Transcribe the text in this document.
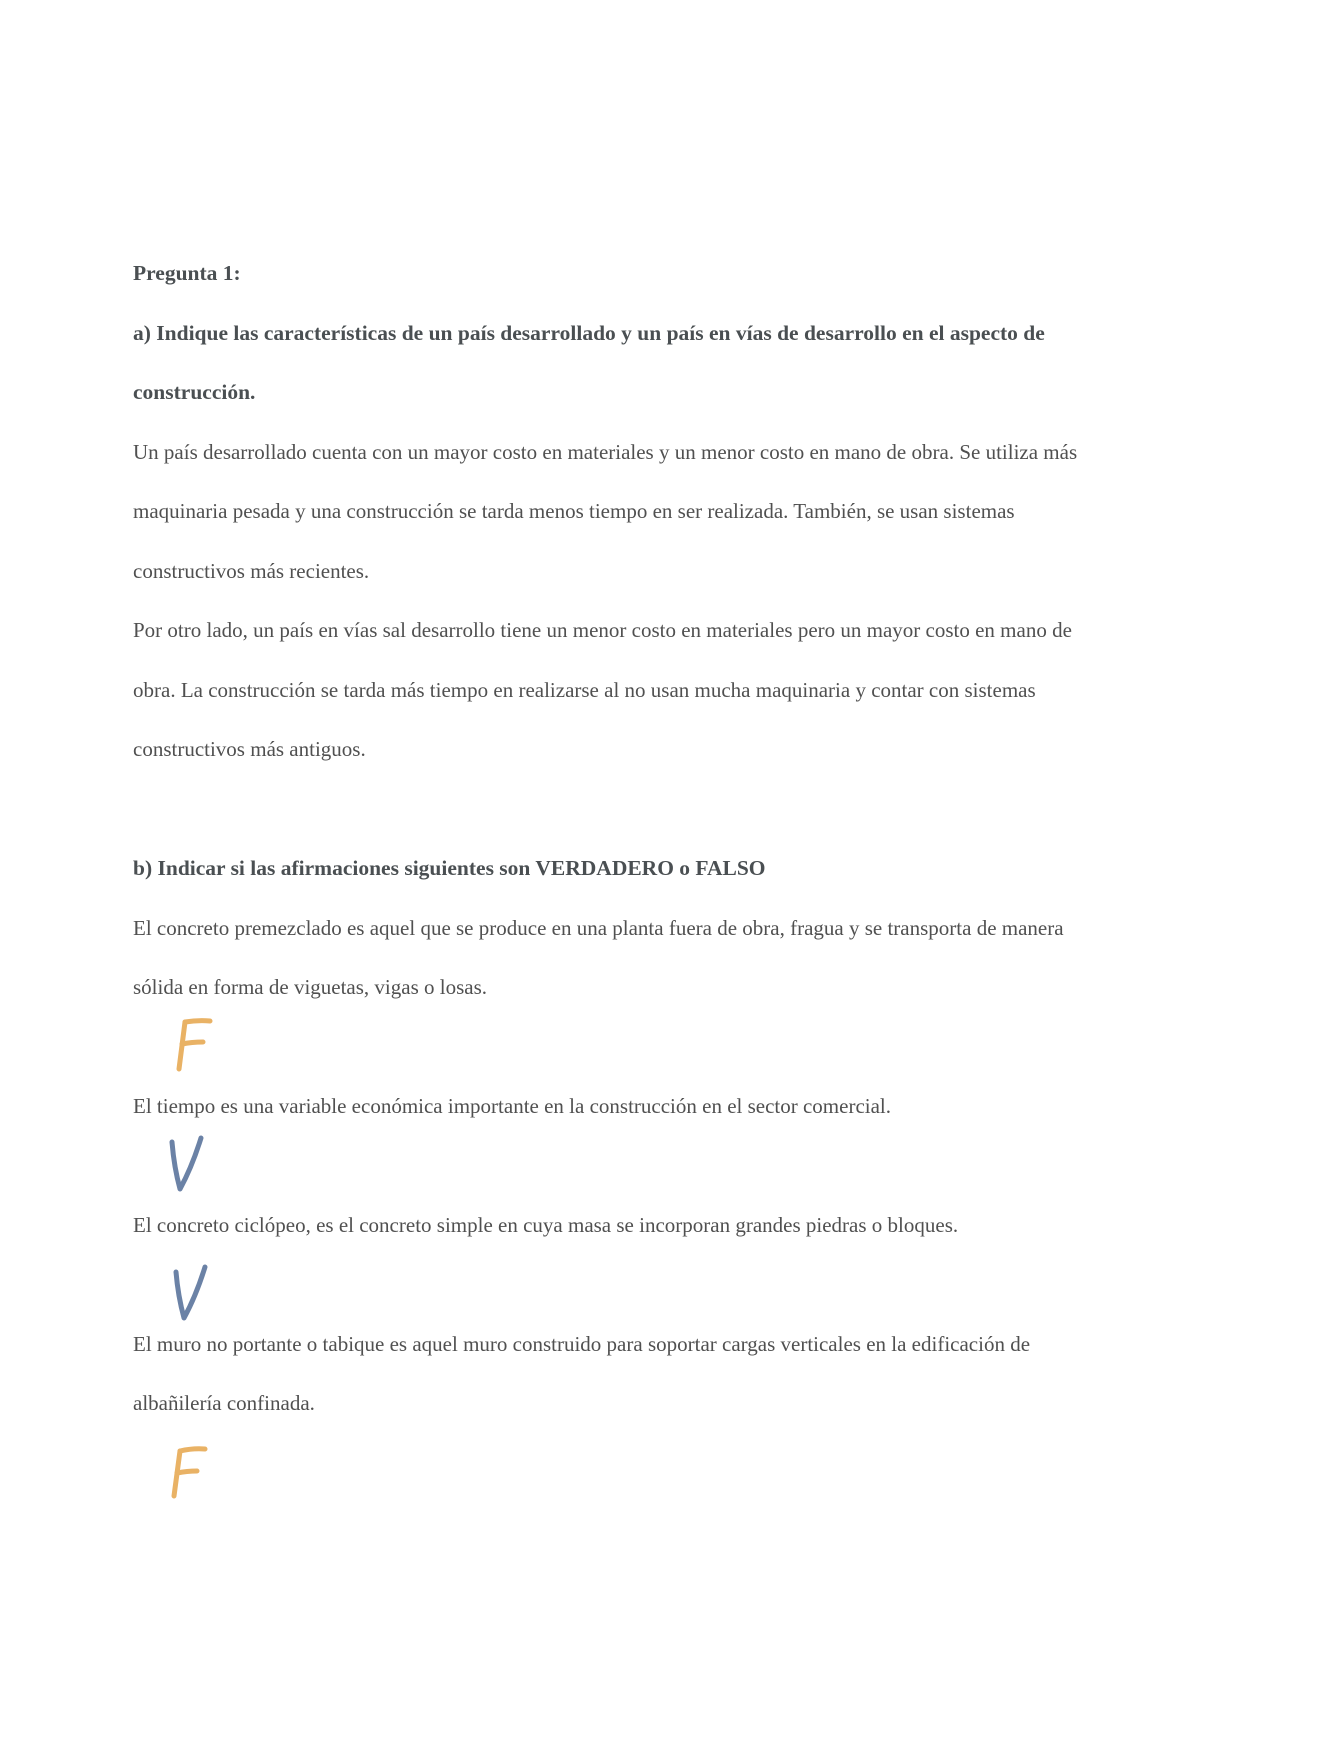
Pregunta 1:
a) Indique las características de un país desarrollado y un país en vías de desarrollo en el aspecto de
construcción.
Un país desarrollado cuenta con un mayor costo en materiales y un menor costo en mano de obra. Se utiliza más
maquinaria pesada y una construcción se tarda menos tiempo en ser realizada. También, se usan sistemas
constructivos más recientes.
Por otro lado, un país en vías sal desarrollo tiene un menor costo en materiales pero un mayor costo en mano de
obra. La construcción se tarda más tiempo en realizarse al no usan mucha maquinaria y contar con sistemas
constructivos más antiguos.
b) Indicar si las afirmaciones siguientes son VERDADERO o FALSO
El concreto premezclado es aquel que se produce en una planta fuera de obra, fragua y se transporta de manera
sólida en forma de viguetas, vigas o losas.
El tiempo es una variable económica importante en la construcción en el sector comercial.
El concreto ciclópeo, es el concreto simple en cuya masa se incorporan grandes piedras o bloques.
El muro no portante o tabique es aquel muro construido para soportar cargas verticales en la edificación de
albañilería confinada.
